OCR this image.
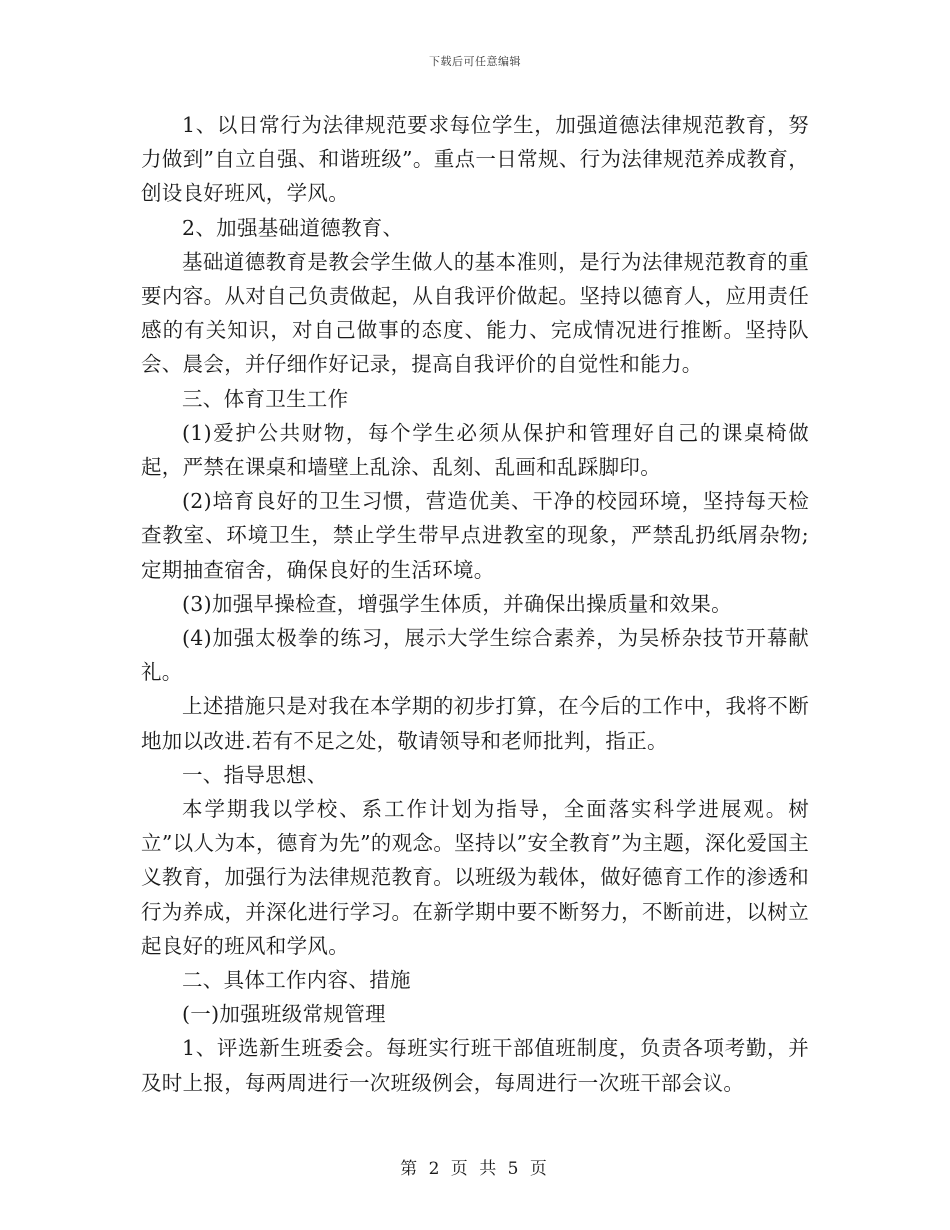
下载后可任意编辑

1、以日常行为法律规范要求每位学生，加强道德法律规范教育，努力做到”自立自强、和谐班级”。重点一日常规、行为法律规范养成教育，创设良好班风，学风。

2、加强基础道德教育、

基础道德教育是教会学生做人的基本准则，是行为法律规范教育的重要内容。从对自己负责做起，从自我评价做起。坚持以德育人，应用责任感的有关知识，对自己做事的态度、能力、完成情况进行推断。坚持队会、晨会，并仔细作好记录，提高自我评价的自觉性和能力。

三、体育卫生工作

(1)爱护公共财物，每个学生必须从保护和管理好自己的课桌椅做起，严禁在课桌和墙壁上乱涂、乱刻、乱画和乱踩脚印。

(2)培育良好的卫生习惯，营造优美、干净的校园环境，坚持每天检查教室、环境卫生，禁止学生带早点进教室的现象，严禁乱扔纸屑杂物;定期抽查宿舍，确保良好的生活环境。

(3)加强早操检查，增强学生体质，并确保出操质量和效果。

(4)加强太极拳的练习，展示大学生综合素养，为吴桥杂技节开幕献礼。

上述措施只是对我在本学期的初步打算，在今后的工作中，我将不断地加以改进.若有不足之处，敬请领导和老师批判，指正。

一、指导思想、

本学期我以学校、系工作计划为指导，全面落实科学进展观。树立”以人为本，德育为先”的观念。坚持以”安全教育”为主题，深化爱国主义教育，加强行为法律规范教育。以班级为载体，做好德育工作的渗透和行为养成，并深化进行学习。在新学期中要不断努力，不断前进，以树立起良好的班风和学风。

二、具体工作内容、措施

(一)加强班级常规管理

1、评选新生班委会。每班实行班干部值班制度，负责各项考勤，并及时上报，每两周进行一次班级例会，每周进行一次班干部会议。

第 2 页 共 5 页
